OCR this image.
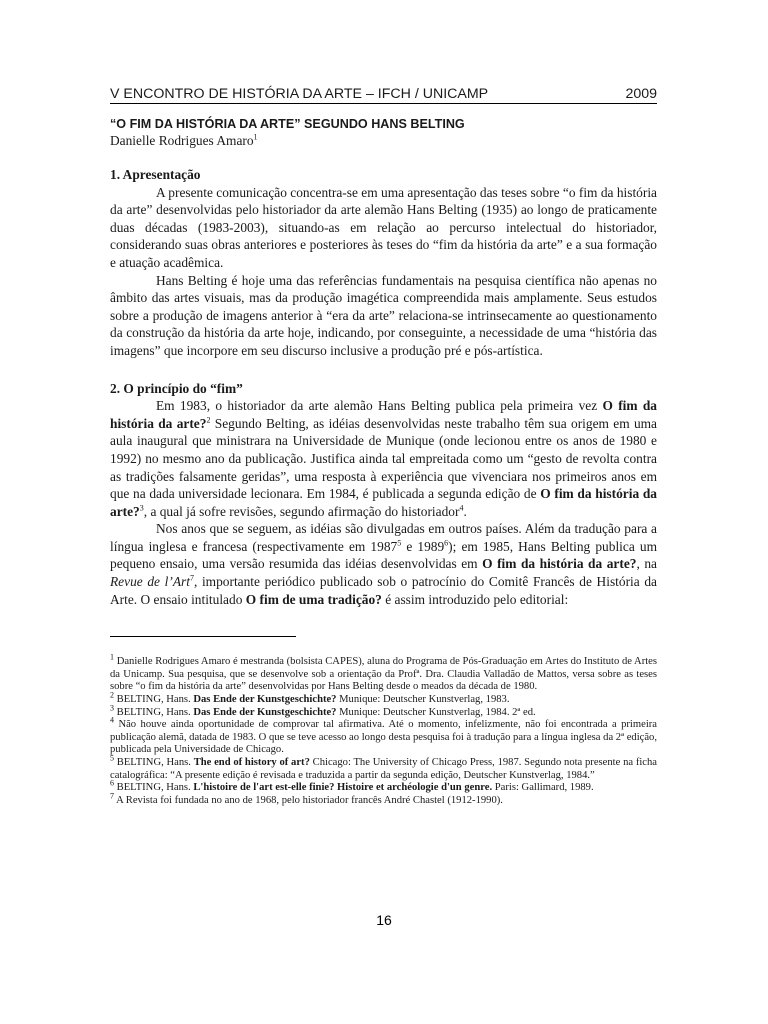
V ENCONTRO DE HISTÓRIA DA ARTE – IFCH / UNICAMP	2009
“O FIM DA HISTÓRIA DA ARTE” SEGUNDO HANS BELTING
Danielle Rodrigues Amaro$^1$
1. Apresentação

A presente comunicação concentra-se em uma apresentação das teses sobre “o fim da história da arte” desenvolvidas pelo historiador da arte alemão Hans Belting (1935) ao longo de praticamente duas décadas (1983-2003), situando-as em relação ao percurso intelectual do historiador, considerando suas obras anteriores e posteriores às teses do “fim da história da arte” e a sua formação e atuação acadêmica.

Hans Belting é hoje uma das referências fundamentais na pesquisa científica não apenas no âmbito das artes visuais, mas da produção imagética compreendida mais amplamente. Seus estudos sobre a produção de imagens anterior à “era da arte” relaciona-se intrinsecamente ao questionamento da construção da história da arte hoje, indicando, por conseguinte, a necessidade de uma “história das imagens” que incorpore em seu discurso inclusive a produção pré e pós-artística.

2. O princípio do “fim”

Em 1983, o historiador da arte alemão Hans Belting publica pela primeira vez O fim da história da arte?$^2$ Segundo Belting, as idéias desenvolvidas neste trabalho têm sua origem em uma aula inaugural que ministrara na Universidade de Munique (onde lecionou entre os anos de 1980 e 1992) no mesmo ano da publicação. Justifica ainda tal empreitada como um “gesto de revolta contra as tradições falsamente geridas”, uma resposta à experiência que vivenciara nos primeiros anos em que na dada universidade lecionara. Em 1984, é publicada a segunda edição de O fim da história da arte?$^3$, a qual já sofre revisões, segundo afirmação do historiador$^4$.

Nos anos que se seguem, as idéias são divulgadas em outros países. Além da tradução para a língua inglesa e francesa (respectivamente em 1987$^5$ e 1989$^6$); em 1985, Hans Belting publica um pequeno ensaio, uma versão resumida das idéias desenvolvidas em O fim da história da arte?, na Revue de l’Art$^7$, importante periódico publicado sob o patrocínio do Comitê Francês de História da Arte. O ensaio intitulado O fim de uma tradição? é assim introduzido pelo editorial:

$^1$ Danielle Rodrigues Amaro é mestranda (bolsista CAPES), aluna do Programa de Pós-Graduação em Artes do Instituto de Artes da Unicamp. Sua pesquisa, que se desenvolve sob a orientação da Profª. Dra. Claudia Valladão de Mattos, versa sobre as teses sobre “o fim da história da arte” desenvolvidas por Hans Belting desde o meados da década de 1980.

$^2$ BELTING, Hans. Das Ende der Kunstgeschichte? Munique: Deutscher Kunstverlag, 1983.

$^3$ BELTING, Hans. Das Ende der Kunstgeschichte? Munique: Deutscher Kunstverlag, 1984. 2ª ed.

$^4$ Não houve ainda oportunidade de comprovar tal afirmativa. Até o momento, infelizmente, não foi encontrada a primeira publicação alemã, datada de 1983. O que se teve acesso ao longo desta pesquisa foi à tradução para a língua inglesa da 2ª edição, publicada pela Universidade de Chicago.

$^5$ BELTING, Hans. The end of history of art? Chicago: The University of Chicago Press, 1987. Segundo nota presente na ficha catalográfica: “A presente edição é revisada e traduzida a partir da segunda edição, Deutscher Kunstverlag, 1984.”

$^6$ BELTING, Hans. L'histoire de l'art est-elle finie? Histoire et archéologie d'un genre. Paris: Gallimard, 1989.

$^7$ A Revista foi fundada no ano de 1968, pelo historiador francês André Chastel (1912-1990).

16
